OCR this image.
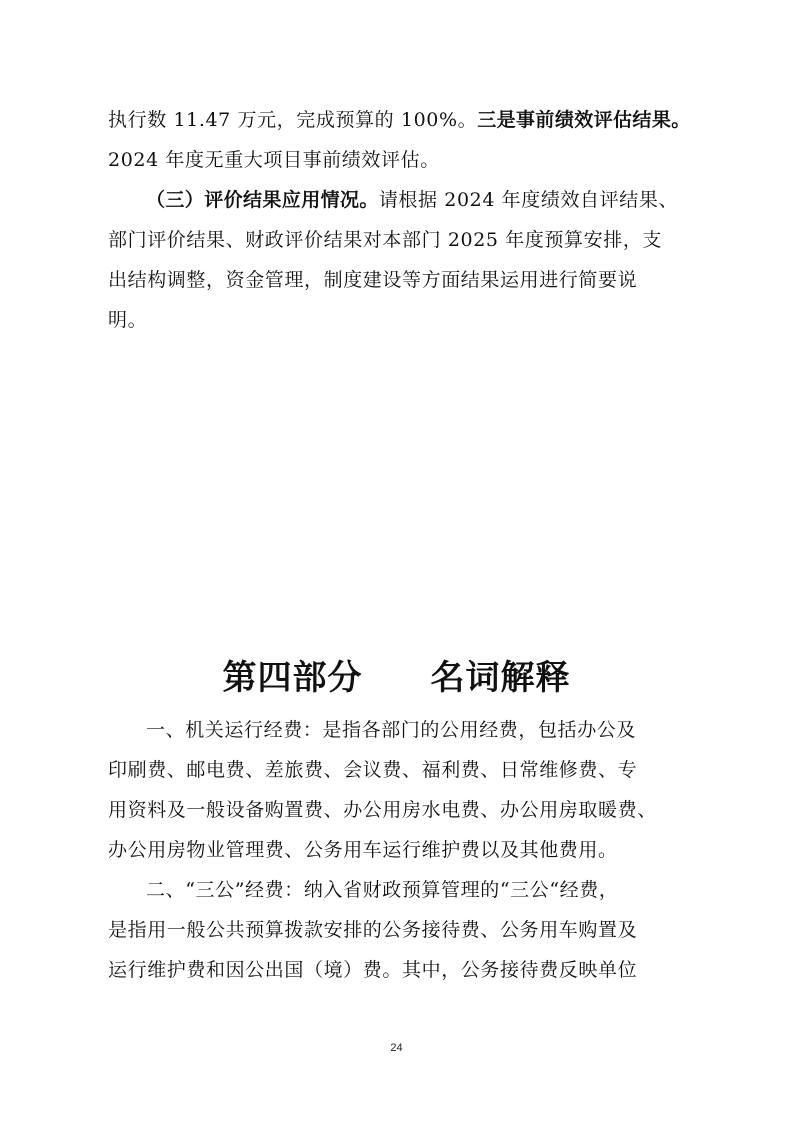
执行数 11.47 万元，完成预算的 100%。三是事前绩效评估结果。
2024 年度无重大项目事前绩效评估。
（三）评价结果应用情况。请根据 2024 年度绩效自评结果、
部门评价结果、财政评价结果对本部门 2025 年度预算安排，支
出结构调整，资金管理，制度建设等方面结果运用进行简要说
明。
第四部分 名词解释
一、机关运行经费：是指各部门的公用经费，包括办公及
印刷费、邮电费、差旅费、会议费、福利费、日常维修费、专
用资料及一般设备购置费、办公用房水电费、办公用房取暖费、
办公用房物业管理费、公务用车运行维护费以及其他费用。
二、“三公”经费：纳入省财政预算管理的“三公“经费，
是指用一般公共预算拨款安排的公务接待费、公务用车购置及
运行维护费和因公出国（境）费。其中，公务接待费反映单位
24
